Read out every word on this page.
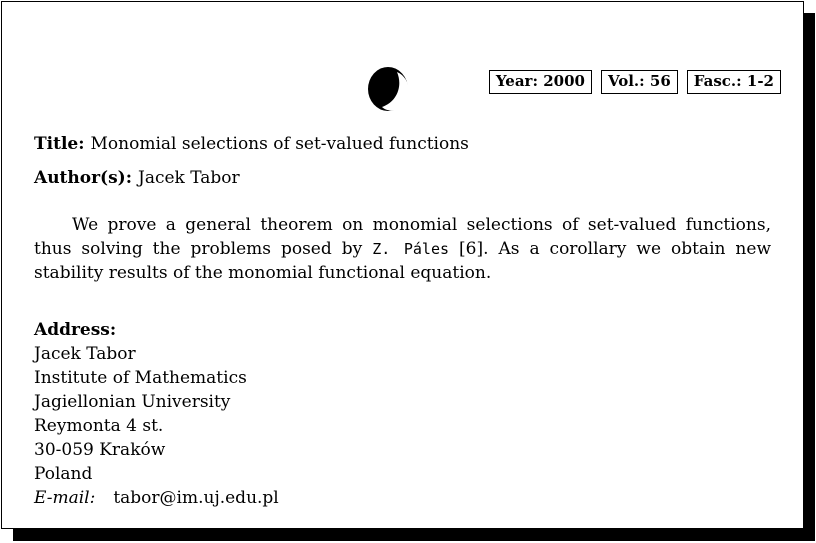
Year: 2000	Vol.: 56	Fasc.: 1-2
Title: Monomial selections of set-valued functions
Author(s): Jacek Tabor
We prove a general theorem on monomial selections of set-valued functions, thus solving the problems posed by Z. Páles [6]. As a corollary we obtain new stability results of the monomial functional equation.
Address:
Jacek Tabor
Institute of Mathematics
Jagiellonian University
Reymonta 4 st.
30-059 Kraków
Poland
E-mail: tabor@im.uj.edu.pl
